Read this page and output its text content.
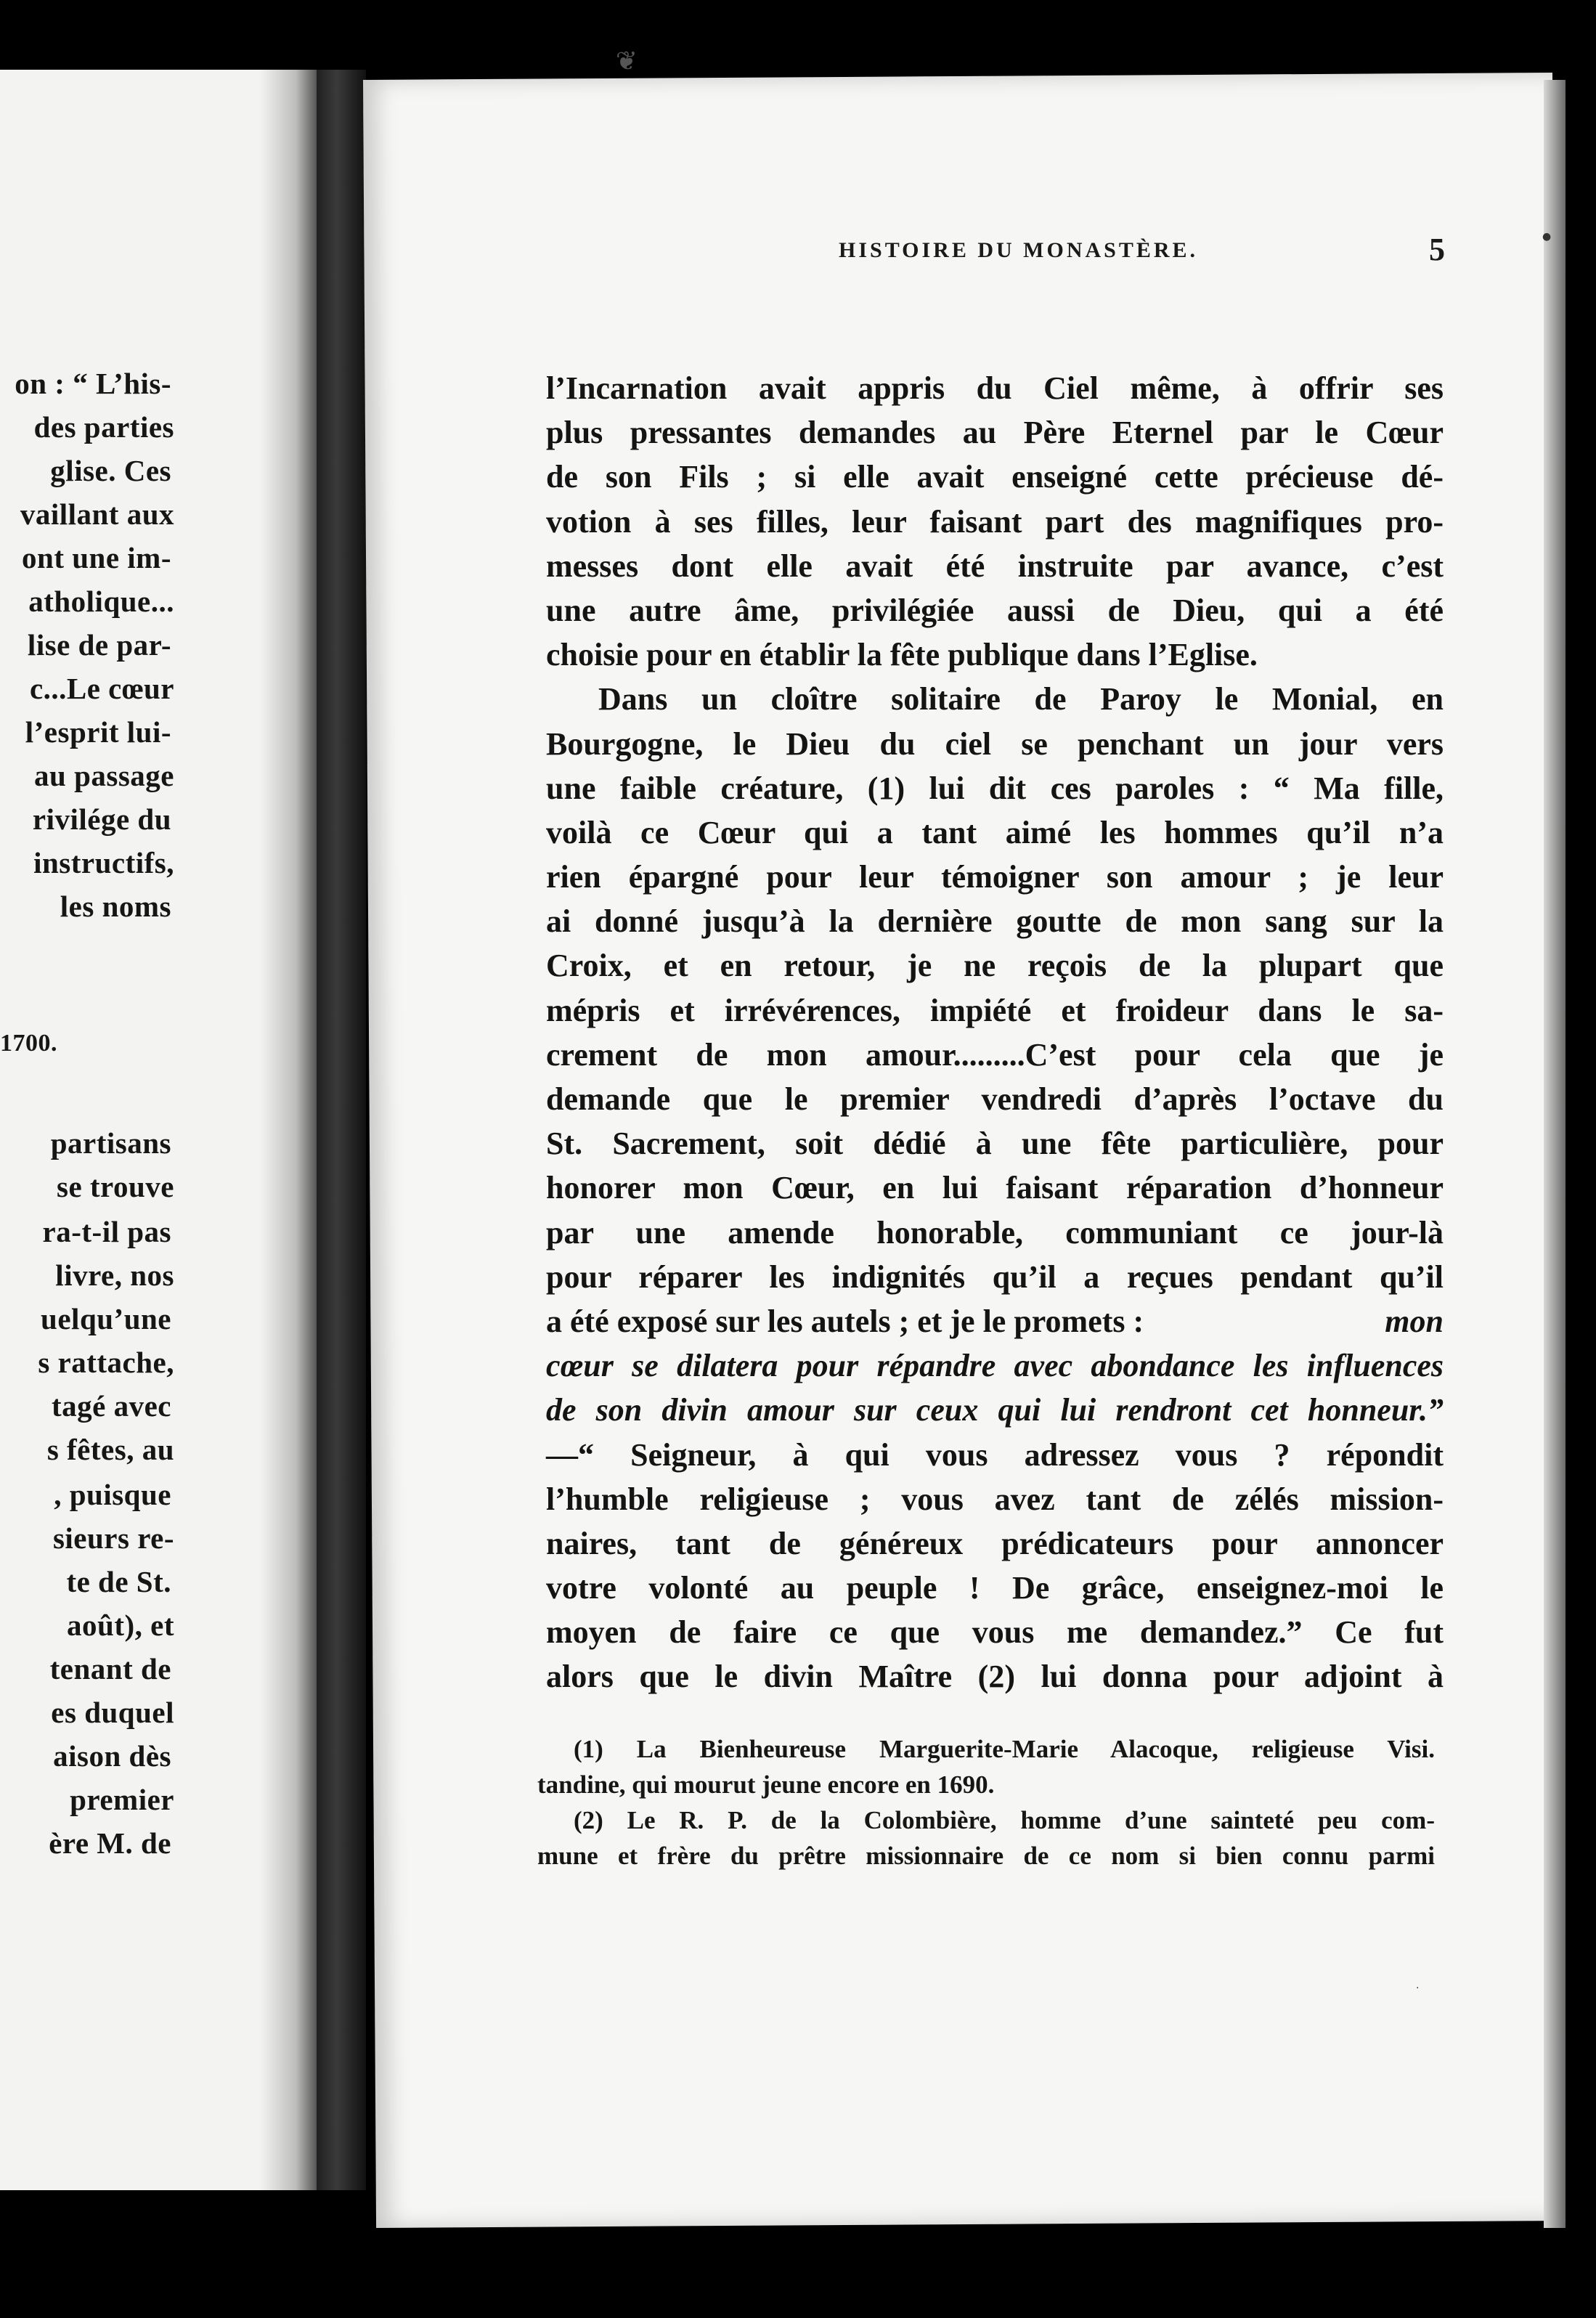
❦
on : “ L’his-
des parties
glise. Ces
vaillant aux
ont une im-
atholique...
lise de par-
c...Le cœur
l’esprit lui-
au passage
rivilége du
instructifs,
les noms
1700.
partisans
se trouve
ra-t-il pas
livre, nos
uelqu’une
s rattache,
tagé avec
s fêtes, au
, puisque
sieurs re-
te de St.
août), et
tenant de
es duquel
aison dès
premier
ère M. de
●
·
HISTOIRE DU MONASTÈRE.	5
l’Incarnation avait appris du Ciel même, à offrir ses
plus pressantes demandes au Père Eternel par le Cœur
de son Fils ; si elle avait enseigné cette précieuse dé-
votion à ses filles, leur faisant part des magnifiques pro-
messes dont elle avait été instruite par avance, c’est
une autre âme, privilégiée aussi de Dieu, qui a été
choisie pour en établir la fête publique dans l’Eglise.
Dans un cloître solitaire de Paroy le Monial, en
Bourgogne, le Dieu du ciel se penchant un jour vers
une faible créature, (1) lui dit ces paroles : “ Ma fille,
voilà ce Cœur qui a tant aimé les hommes qu’il n’a
rien épargné pour leur témoigner son amour ; je leur
ai donné jusqu’à la dernière goutte de mon sang sur la
Croix, et en retour, je ne reçois de la plupart que
mépris et irrévérences, impiété et froideur dans le sa-
crement de mon amour.........C’est pour cela que je
demande que le premier vendredi d’après l’octave du
St. Sacrement, soit dédié à une fête particulière, pour
honorer mon Cœur, en lui faisant réparation d’honneur
par une amende honorable, communiant ce jour-là
pour réparer les indignités qu’il a reçues pendant qu’il
a été exposé sur les autels ; et je le promets :	mon
cœur se dilatera pour répandre avec abondance les influences
de son divin amour sur ceux qui lui rendront cet honneur.”
—“ Seigneur, à qui vous adressez vous ? répondit
l’humble religieuse ; vous avez tant de zélés mission-
naires, tant de généreux prédicateurs pour annoncer
votre volonté au peuple ! De grâce, enseignez-moi le
moyen de faire ce que vous me demandez.” Ce fut
alors que le divin Maître (2) lui donna pour adjoint à
(1) La Bienheureuse Marguerite-Marie Alacoque, religieuse Visi.
tandine, qui mourut jeune encore en 1690.
(2) Le R. P. de la Colombière, homme d’une sainteté peu com-
mune et frère du prêtre missionnaire de ce nom si bien connu parmi
